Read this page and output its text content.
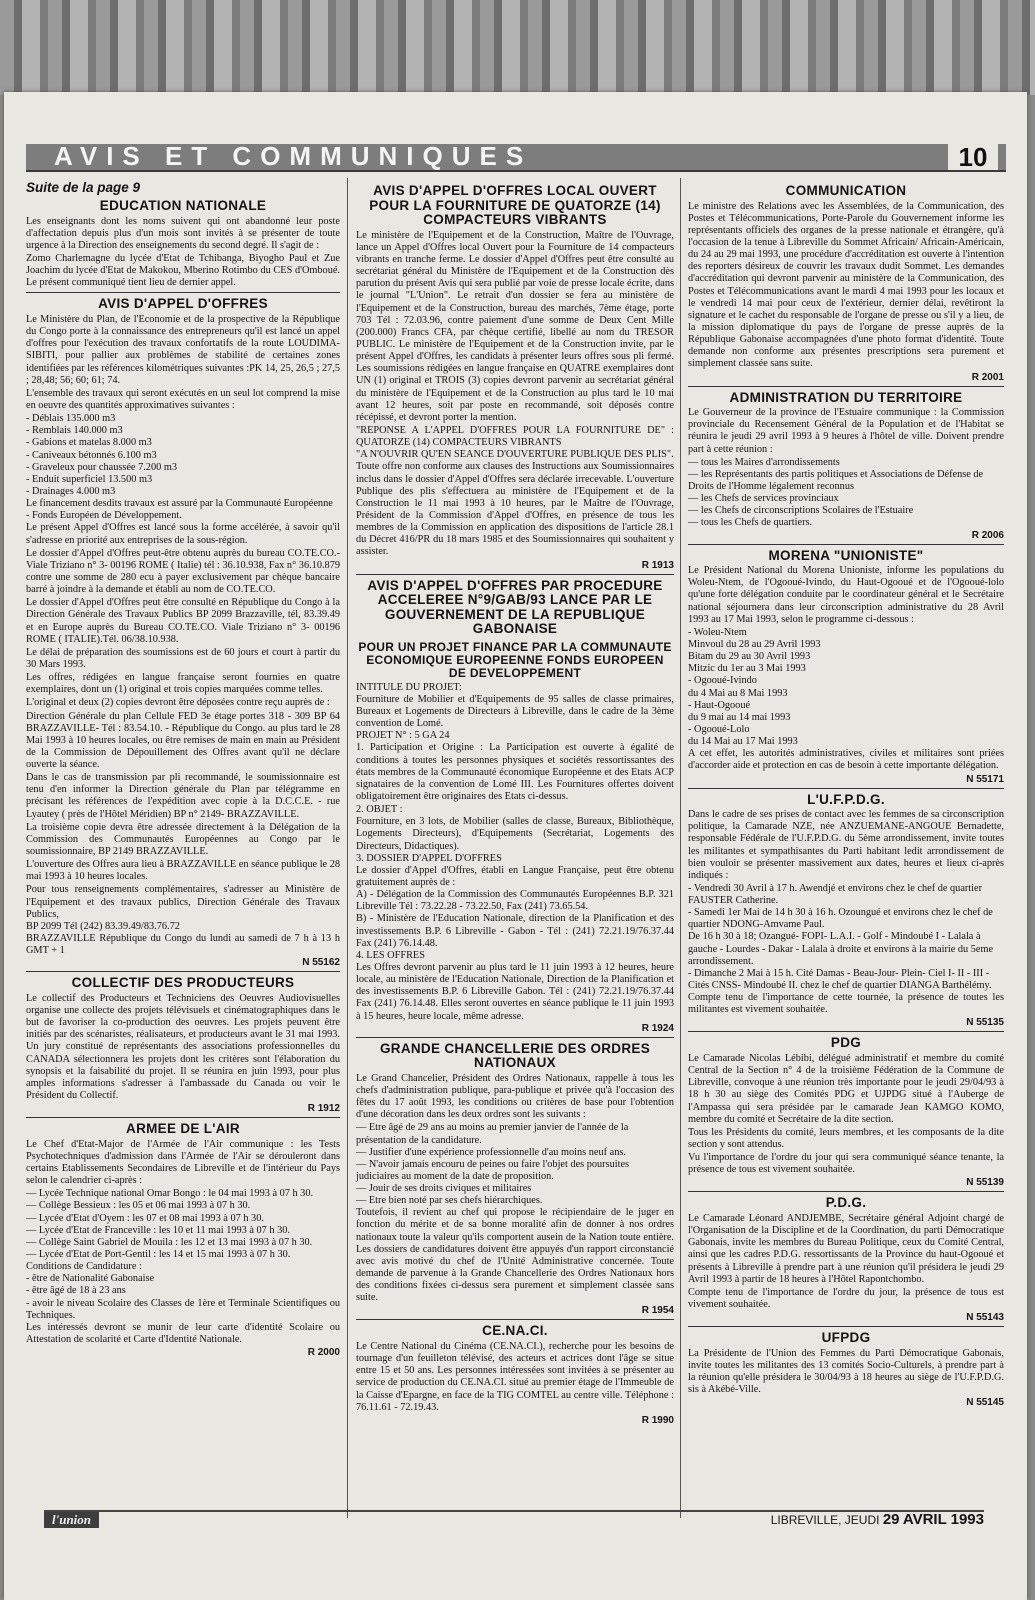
AVIS ET COMMUNIQUES	10
Suite de la page 9
EDUCATION NATIONALE

Les enseignants dont les noms suivent qui ont abandonné leur poste d'affectation depuis plus d'un mois sont invités à se présenter de toute urgence à la Direction des enseignements du second degré. Il s'agit de :

Zomo Charlemagne du lycée d'Etat de Tchibanga, Biyogho Paul et Zue Joachim du lycée d'Etat de Makokou, Mberino Rotimbo du CES d'Omboué. Le présent communiqué tient lieu de dernier appel.

AVIS D'APPEL D'OFFRES

Le Ministère du Plan, de l'Economie et de la prospective de la République du Congo porte à la connaissance des entrepreneurs qu'il est lancé un appel d'offres pour l'exécution des travaux confortatifs de la route LOUDIMA-SIBITI, pour pallier aux problèmes de stabilité de certaines zones identifiées par les références kilométriques suivantes :PK 14, 25, 26,5 ; 27,5 ; 28,48; 56; 60; 61; 74.

L'ensemble des travaux qui seront exécutés en un seul lot comprend la mise en oeuvre des quantités approximatives suivantes :

- Déblais 135.000 m3
- Remblais 140.000 m3
- Gabions et matelas 8.000 m3
- Caniveaux bétonnés 6.100 m3
- Graveleux pour chaussée 7.200 m3
- Enduit superficiel 13.500 m3
- Drainages 4.000 m3

Le financement desdits travaux est assuré par la Communauté Européenne
- Fonds Européen de Développement.

Le présent Appel d'Offres est lancé sous la forme accélérée, à savoir qu'il s'adresse en priorité aux entreprises de la sous-région.

Le dossier d'Appel d'Offres peut-être obtenu auprès du bureau CO.TE.CO.- Viale Triziano n° 3- 00196 ROME ( Italie) tél : 36.10.938, Fax n° 36.10.879 contre une somme de 280 ecu à payer exclusivement par chèque bancaire barré à joindre à la demande et établi au nom de CO.TE.CO.

Le dossier d'Appel d'Offres peut être consulté en République du Congo à la Direction Générale des Travaux Publics BP 2099 Brazzaville, tél, 83.39.49 et en Europe auprès du Bureau CO.TE.CO. Viale Triziano n° 3- 00196 ROME ( ITALIE).Tél. 06/38.10.938.

Le délai de préparation des soumissions est de 60 jours et court à partir du 30 Mars 1993.

Les offres, rédigées en langue française seront fournies en quatre exemplaires, dont un (1) original et trois copies marquées comme telles.

L'original et deux (2) copies devront être déposées contre reçu auprès de :

Direction Générale du plan Cellule FED 3e étage portes 318 - 309 BP 64 BRAZZAVILLE- Tél : 83.54.10. - République du Congo. au plus tard le 28 Mai 1993 à 10 heures locales, ou être remises de main en main au Président de la Commission de Dépouillement des Offres avant qu'il ne déclare ouverte la séance.

Dans le cas de transmission par pli recommandé, le soumissionnaire est tenu d'en informer la Direction générale du Plan par télégramme en précisant les références de l'expédition avec copie à la D.C.C.E. - rue Lyautey ( près de l'Hôtel Méridien) BP n° 2149- BRAZZAVILLE.

La troisième copie devra être adressée directement à la Délégation de la Commission des Communautés Européennes au Congo par le soumissionnaire, BP 2149 BRAZZAVILLE.

L'ouverture des Offres aura lieu à BRAZZAVILLE en séance publique le 28 mai 1993 à 10 heures locales.

Pour tous renseignements complémentaires, s'adresser au Ministère de l'Equipement et des travaux publics, Direction Générale des Travaux Publics,
BP 2099 Tél (242) 83.39.49/83.76.72
BRAZZAVILLE République du Congo du lundi au samedi de 7 h à 13 h GMT + 1

N 55162
COLLECTIF DES PRODUCTEURS

Le collectif des Producteurs et Techniciens des Oeuvres Audiovisuelles organise une collecte des projets télévisuels et cinématographiques dans le but de favoriser la co-production des oeuvres. Les projets peuvent être initiés par des scénaristes, réalisateurs, et producteurs avant le 31 mai 1993. Un jury constitué de représentants des associations professionnelles du CANADA sélectionnera les projets dont les critères sont l'élaboration du synopsis et la faisabilité du projet. Il se réunira en juin 1993, pour plus amples informations s'adresser à l'ambassade du Canada ou voir le Président du Collectif.

R 1912
ARMEE DE L'AIR

Le Chef d'Etat-Major de l'Armée de l'Air communique : les Tests Psychotechniques d'admission dans l'Armée de l'Air se dérouleront dans certains Etablissements Secondaires de Libreville et de l'intérieur du Pays selon le calendrier ci-après :

— Lycée Technique national Omar Bongo : le 04 mai 1993 à 07 h 30.
— Collège Bessieux : les 05 et 06 mai 1993 à 07 h 30.
— Lycée d'Etat d'Oyem : les 07 et 08 mai 1993 à 07 h 30.
— Lycée d'Etat de Franceville : les 10 et 11 mai 1993 à 07 h 30.
— Collège Saint Gabriel de Mouila : les 12 et 13 mai 1993 à 07 h 30.
— Lycée d'Etat de Port-Gentil : les 14 et 15 mai 1993 à 07 h 30.

Conditions de Candidature :
- être de Nationalité Gabonaise
- être âgé de 18 à 23 ans
- avoir le niveau Scolaire des Classes de 1ère et Terminale Scientifiques ou Techniques.

Les intéressés devront se munir de leur carte d'identité Scolaire ou Attestation de scolarité et Carte d'Identité Nationale.

R 2000
AVIS D'APPEL D'OFFRES LOCAL OUVERT POUR LA FOURNITURE DE QUATORZE (14) COMPACTEURS VIBRANTS

Le ministère de l'Equipement et de la Construction, Maître de l'Ouvrage, lance un Appel d'Offres local Ouvert pour la Fourniture de 14 compacteurs vibrants en tranche ferme. Le dossier d'Appel d'Offres peut être consulté au secrétariat général du Ministère de l'Equipement et de la Construction dès parution du présent Avis qui sera publié par voie de presse locale écrite, dans le journal "L'Union". Le retrait d'un dossier se fera au ministère de l'Equipement et de la Construction, bureau des marchés, 7ème étage, porte 703 Tél : 72.03.96, contre paiement d'une somme de Deux Cent Mille (200.000) Francs CFA, par chèque certifié, libellé au nom du TRESOR PUBLIC. Le ministère de l'Equipement et de la Construction invite, par le présent Appel d'Offres, les candidats à présenter leurs offres sous pli fermé. Les soumissions rédigées en langue française en QUATRE exemplaires dont UN (1) original et TROIS (3) copies devront parvenir au secrétariat général du ministère de l'Equipement et de la Construction au plus tard le 10 mai avant 12 heures, soit par poste en recommandé, soit déposés contre récépissé, et devront porter la mention.

"REPONSE A L'APPEL D'OFFRES POUR LA FOURNITURE DE" : QUATORZE (14) COMPACTEURS VIBRANTS
"A N'OUVRIR QU'EN SEANCE D'OUVERTURE PUBLIQUE DES PLIS".

Toute offre non conforme aux clauses des Instructions aux Soumissionnaires inclus dans le dossier d'Appel d'Offres sera déclarée irrecevable. L'ouverture Publique des plis s'effectuera au ministère de l'Equipement et de la Construction le 11 mai 1993 à 10 heures, par le Maître de l'Ouvrage, Président de la Commission d'Appel d'Offres, en présence de tous les membres de la Commission en application des dispositions de l'article 28.1 du Décret 416/PR du 18 mars 1985 et des Soumissionnaires qui souhaitent y assister.

R 1913
AVIS D'APPEL D'OFFRES PAR PROCEDURE ACCELEREE N°9/GAB/93 LANCE PAR LE GOUVERNEMENT DE LA REPUBLIQUE GABONAISE
POUR UN PROJET FINANCE PAR LA COMMUNAUTE ECONOMIQUE EUROPEENNE FONDS EUROPEEN DE DEVELOPPEMENT

INTITULE DU PROJET:
Fourniture de Mobilier et d'Equipements de 95 salles de classe primaires, Bureaux et Logements de Directeurs à Libreville, dans le cadre de la 3ème convention de Lomé.
PROJET N° : 5 GA 24

1. Participation et Origine : La Participation est ouverte à égalité de conditions à toutes les personnes physiques et sociétés ressortissantes des états membres de la Communauté économique Européenne et des Etats ACP signataires de la convention de Lomé III. Les Fournitures offertes doivent obligatoirement être originaires des Etats ci-dessus.

2. OBJET :
Fourniture, en 3 lots, de Mobilier (salles de classe, Bureaux, Bibliothèque, Logements Directeurs), d'Equipements (Secrétariat, Logements des Directeurs, Didactiques).

3. DOSSIER D'APPEL D'OFFRES
Le dossier d'Appel d'Offres, établi en Langue Française, peut être obtenu gratuitement auprès de :
A) - Délégation de la Commission des Communautés Européennes B.P. 321 Libreville Tél : 73.22.28 - 73.22.50, Fax (241) 73.65.54.
B) - Ministère de l'Education Nationale, direction de la Planification et des investissements B.P. 6 Libreville - Gabon - Tél : (241) 72.21.19/76.37.44 Fax (241) 76.14.48.

4. LES OFFRES
Les Offres devront parvenir au plus tard le 11 juin 1993 à 12 heures, heure locale, au ministère de l'Education Nationale, Direction de la Planification et des investissements B.P. 6 Libreville Gabon. Tél : (241) 72.21.19/76.37.44 Fax (241) 76.14.48. Elles seront ouvertes en séance publique le 11 juin 1993 à 15 heures, heure locale, même adresse.

R 1924
GRANDE CHANCELLERIE DES ORDRES NATIONAUX

Le Grand Chancelier, Président des Ordres Nationaux, rappelle à tous les chefs d'administration publique, para-publique et privée qu'à l'occasion des fêtes du 17 août 1993, les conditions ou critères de base pour l'obtention d'une décoration dans les deux ordres sont les suivants :

— Etre âgé de 29 ans au moins au premier janvier de l'année de la présentation de la candidature.
— Justifier d'une expérience professionnelle d'au moins neuf ans.
— N'avoir jamais encouru de peines ou faire l'objet des poursuites judiciaires au moment de la date de proposition.
— Jouir de ses droits civiques et militaires
— Etre bien noté par ses chefs hiérarchiques.

Toutefois, il revient au chef qui propose le récipiendaire de le juger en fonction du mérite et de sa bonne moralité afin de donner à nos ordres nationaux toute la valeur qu'ils comportent ausein de la Nation toute entière. Les dossiers de candidatures doivent être appuyés d'un rapport circonstancié avec avis motivé du chef de l'Unité Administrative concernée. Toute demande de parvenue à la Grande Chancellerie des Ordres Nationaux hors des conditions fixées ci-dessus sera purement et simplement classée sans suite.

R 1954
CE.NA.CI.

Le Centre National du Cinéma (CE.NA.CI.), recherche pour les besoins de tournage d'un feuilleton télévisé, des acteurs et actrices dont l'âge se situe entre 15 et 50 ans. Les personnes intéressées sont invitées à se présenter au service de production du CE.NA.CI. situé au premier étage de l'Immeuble de la Caisse d'Epargne, en face de la TIG COMTEL au centre ville. Téléphone : 76.11.61 - 72.19.43.

R 1990
COMMUNICATION

Le ministre des Relations avec les Assemblées, de la Communication, des Postes et Télécommunications, Porte-Parole du Gouvernement informe les représentants officiels des organes de la presse nationale et étrangère, qu'à l'occasion de la tenue à Libreville du Sommet Africain/ Africain-Américain, du 24 au 29 mai 1993, une procédure d'accréditation est ouverte à l'intention des reporters désireux de couvrir les travaux dudit Sommet. Les demandes d'accréditation qui devront parvenir au ministère de la Communication, des Postes et Télécommunications avant le mardi 4 mai 1993 pour les locaux et le vendredi 14 mai pour ceux de l'extérieur, dernier délai, revêtiront la signature et le cachet du responsable de l'organe de presse ou s'il y a lieu, de la mission diplomatique du pays de l'organe de presse auprès de la République Gabonaise accompagnées d'une photo format d'identité. Toute demande non conforme aux présentes prescriptions sera purement et simplement classée sans suite.

R 2001
ADMINISTRATION DU TERRITOIRE

Le Gouverneur de la province de l'Estuaire communique : la Commission provinciale du Recensement Général de la Population et de l'Habitat se réunira le jeudi 29 avril 1993 à 9 heures à l'hôtel de ville. Doivent prendre part à cette réunion :

— tous les Maires d'arrondissements
— les Représentants des partis politiques et Associations de Défense de Droits de l'Homme légalement reconnus
— les Chefs de services provinciaux
— les Chefs de circonscriptions Scolaires de l'Estuaire
— tous les Chefs de quartiers.
R 2006
MORENA "UNIONISTE"

Le Président National du Morena Unioniste, informe les populations du Woleu-Ntem, de l'Ogooué-Ivindo, du Haut-Ogooué et de l'Ogooué-lolo qu'une forte délégation conduite par le coordinateur général et le Secrétaire national séjournera dans leur circonscription administrative du 28 Avril 1993 au 17 Mai 1993, selon le programme ci-dessous :

- Woleu-Ntem
Minvoul du 28 au 29 Avril 1993
Bitam du 29 au 30 Avril 1993
Mitzic du 1er au 3 Mai 1993
- Ogooué-Ivindo
du 4 Mai au 8 Mai 1993
- Haut-Ogooué
du 9 mai au 14 mai 1993
- Ogooué-Lolo
du 14 Mai au 17 Mai 1993

A cet effet, les autorités administratives, civiles et militaires sont priées d'accorder aide et protection en cas de besoin à cette importante délégation.

N 55171
L'U.F.P.D.G.

Dans le cadre de ses prises de contact avec les femmes de sa circonscription politique, la Camarade NZE, née ANZUEMANE-ANGOUE Bernadette, responsable Fédérale de l'U.F.P.D.G. du 5ème arrondissement, invite toutes les militantes et sympathisantes du Parti habitant ledit arrondissement de bien vouloir se présenter massivement aux dates, heures et lieux ci-après indiqués :

- Vendredi 30 Avril à 17 h. Awendjé et environs chez le chef de quartier FAUSTER Catherine.
- Samedi 1er Mai de 14 h 30 à 16 h. Ozoungué et environs chez le chef de quartier NDONG-Amvame Paul.
De 16 h 30 à 18; Ozangué- FOPI- L.A.I. - Golf - Mindoubé I - Lalala à gauche - Lourdes - Dakar - Lalala à droite et environs à la mairie du 5eme arrondissement.
- Dimanche 2 Mai à 15 h. Cité Damas - Beau-Jour- Plein- Ciel I- II - III - Cités CNSS- Mindoubé II. chez le chef de quartier DIANGA Barthélémy.

Compte tenu de l'importance de cette tournée, la présence de toutes les militantes est vivement souhaitée.

N 55135
PDG

Le Camarade Nicolas Lébibi, délégué administratif et membre du comité Central de la Section n° 4 de la troisième Fédération de la Commune de Libreville, convoque à une réunion très importante pour le jeudi 29/04/93 à 18 h 30 au siège des Comités PDG et UJPDG situé à l'Auberge de l'Ampassa qui sera présidée par le camarade Jean KAMGO KOMO, membre du comité et Secrétaire de la dite section.

Tous les Présidents du comité, leurs membres, et les composants de la dite section y sont attendus.

Vu l'importance de l'ordre du jour qui sera communiqué séance tenante, la présence de tous est vivement souhaitée.

N 55139
P.D.G.

Le Camarade Léonard ANDJEMBE, Secrétaire général Adjoint chargé de l'Organisation de la Discipline et de la Coordination, du parti Démocratique Gabonais, invite les membres du Bureau Politique, ceux du Comité Central, ainsi que les cadres P.D.G. ressortissants de la Province du haut-Ogooué et présents à Libreville à prendre part à une réunion qu'il présidera le jeudi 29 Avril 1993 à partir de 18 heures à l'Hôtel Rapontchombo.

Compte tenu de l'importance de l'ordre du jour, la présence de tous est vivement souhaitée.

N 55143
UFPDG

La Présidente de l'Union des Femmes du Parti Démocratique Gabonais, invite toutes les militantes des 13 comités Socio-Culturels, à prendre part à la réunion qu'elle présidera le 30/04/93 à 18 heures au siège de l'U.F.P.D.G. sis à Akébé-Ville.

N 55145
l'union	LIBREVILLE, JEUDI 29 AVRIL 1993
